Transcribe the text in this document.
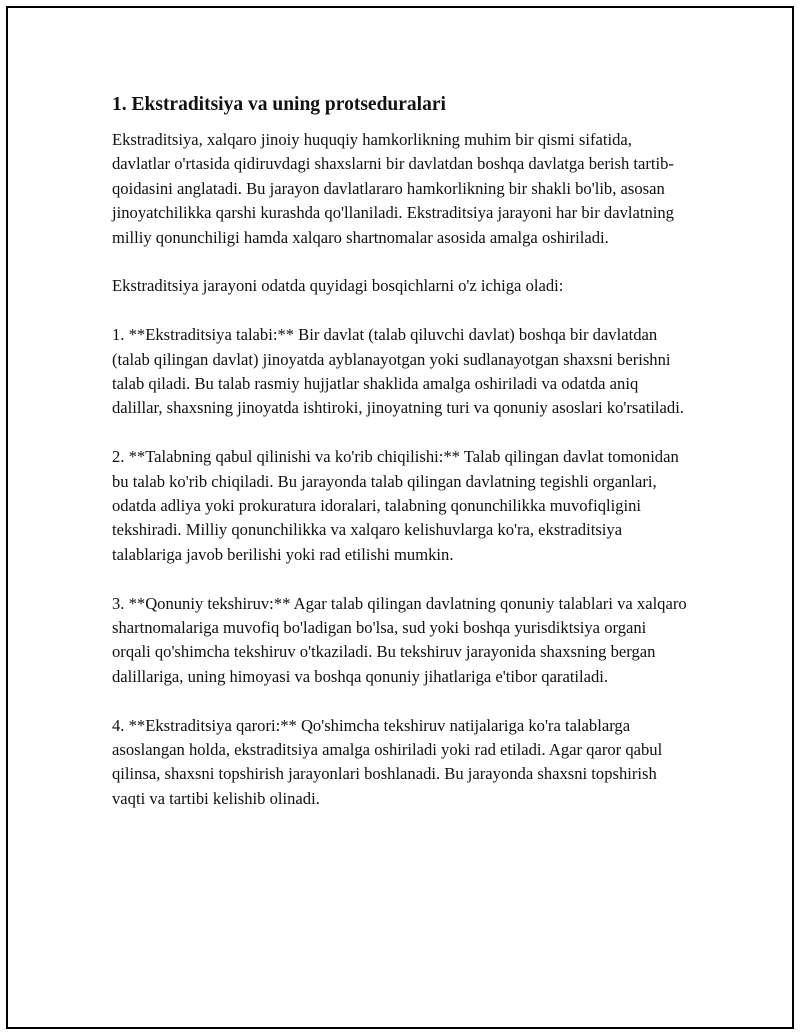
1. Ekstraditsiya va uning protseduralari

Ekstraditsiya, xalqaro jinoiy huquqiy hamkorlikning muhim bir qismi sifatida, davlatlar o'rtasida qidiruvdagi shaxslarni bir davlatdan boshqa davlatga berish tartib-qoidasini anglatadi. Bu jarayon davlatlararo hamkorlikning bir shakli bo'lib, asosan jinoyatchilikka qarshi kurashda qo'llaniladi. Ekstraditsiya jarayoni har bir davlatning milliy qonunchiligi hamda xalqaro shartnomalar asosida amalga oshiriladi.

Ekstraditsiya jarayoni odatda quyidagi bosqichlarni o'z ichiga oladi:

1. **Ekstraditsiya talabi:** Bir davlat (talab qiluvchi davlat) boshqa bir davlatdan (talab qilingan davlat) jinoyatda ayblanayotgan yoki sudlanayotgan shaxsni berishni talab qiladi. Bu talab rasmiy hujjatlar shaklida amalga oshiriladi va odatda aniq dalillar, shaxsning jinoyatda ishtiroki, jinoyatning turi va qonuniy asoslari ko'rsatiladi.

2. **Talabning qabul qilinishi va ko'rib chiqilishi:** Talab qilingan davlat tomonidan bu talab ko'rib chiqiladi. Bu jarayonda talab qilingan davlatning tegishli organlari, odatda adliya yoki prokuratura idoralari, talabning qonunchilikka muvofiqligini tekshiradi. Milliy qonunchilikka va xalqaro kelishuvlarga ko'ra, ekstraditsiya talablariga javob berilishi yoki rad etilishi mumkin.

3. **Qonuniy tekshiruv:** Agar talab qilingan davlatning qonuniy talablari va xalqaro shartnomalariga muvofiq bo'ladigan bo'lsa, sud yoki boshqa yurisdiktsiya organi orqali qo'shimcha tekshiruv o'tkaziladi. Bu tekshiruv jarayonida shaxsning bergan dalillariga, uning himoyasi va boshqa qonuniy jihatlariga e'tibor qaratiladi.

4. **Ekstraditsiya qarori:** Qo'shimcha tekshiruv natijalariga ko'ra talablarga asoslangan holda, ekstraditsiya amalga oshiriladi yoki rad etiladi. Agar qaror qabul qilinsa, shaxsni topshirish jarayonlari boshlanadi. Bu jarayonda shaxsni topshirish vaqti va tartibi kelishib olinadi.
